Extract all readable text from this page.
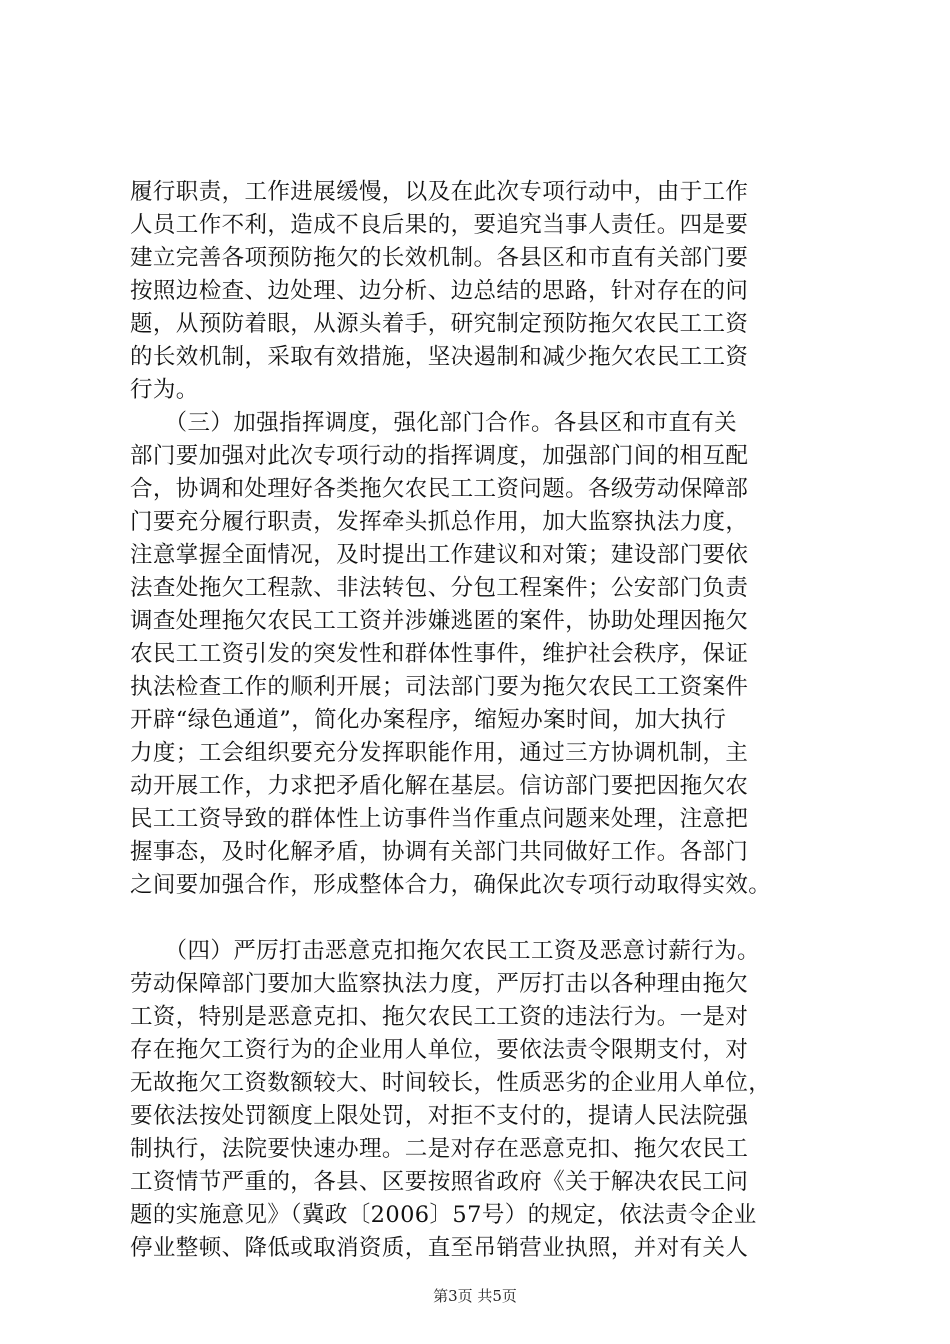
履行职责，工作进展缓慢，以及在此次专项行动中，由于工作
人员工作不利，造成不良后果的，要追究当事人责任。四是要
建立完善各项预防拖欠的长效机制。各县区和市直有关部门要
按照边检查、边处理、边分析、边总结的思路，针对存在的问
题，从预防着眼，从源头着手，研究制定预防拖欠农民工工资
的长效机制，采取有效措施，坚决遏制和减少拖欠农民工工资
行为。
　　（三）加强指挥调度，强化部门合作。各县区和市直有关
部门要加强对此次专项行动的指挥调度，加强部门间的相互配
合，协调和处理好各类拖欠农民工工资问题。各级劳动保障部
门要充分履行职责，发挥牵头抓总作用，加大监察执法力度，
注意掌握全面情况，及时提出工作建议和对策；建设部门要依
法查处拖欠工程款、非法转包、分包工程案件；公安部门负责
调查处理拖欠农民工工资并涉嫌逃匿的案件，协助处理因拖欠
农民工工资引发的突发性和群体性事件，维护社会秩序，保证
执法检查工作的顺利开展；司法部门要为拖欠农民工工资案件
开辟“绿色通道”，简化办案程序，缩短办案时间，加大执行
力度；工会组织要充分发挥职能作用，通过三方协调机制，主
动开展工作，力求把矛盾化解在基层。信访部门要把因拖欠农
民工工资导致的群体性上访事件当作重点问题来处理，注意把
握事态，及时化解矛盾，协调有关部门共同做好工作。各部门
之间要加强合作，形成整体合力，确保此次专项行动取得实效。
　　（四）严厉打击恶意克扣拖欠农民工工资及恶意讨薪行为。
劳动保障部门要加大监察执法力度，严厉打击以各种理由拖欠
工资，特别是恶意克扣、拖欠农民工工资的违法行为。一是对
存在拖欠工资行为的企业用人单位，要依法责令限期支付，对
无故拖欠工资数额较大、时间较长，性质恶劣的企业用人单位，
要依法按处罚额度上限处罚，对拒不支付的，提请人民法院强
制执行，法院要快速办理。二是对存在恶意克扣、拖欠农民工
工资情节严重的，各县、区要按照省政府《关于解决农民工问
题的实施意见》（冀政〔2006〕57号）的规定，依法责令企业
停业整顿、降低或取消资质，直至吊销营业执照，并对有关人
第3页 共5页
